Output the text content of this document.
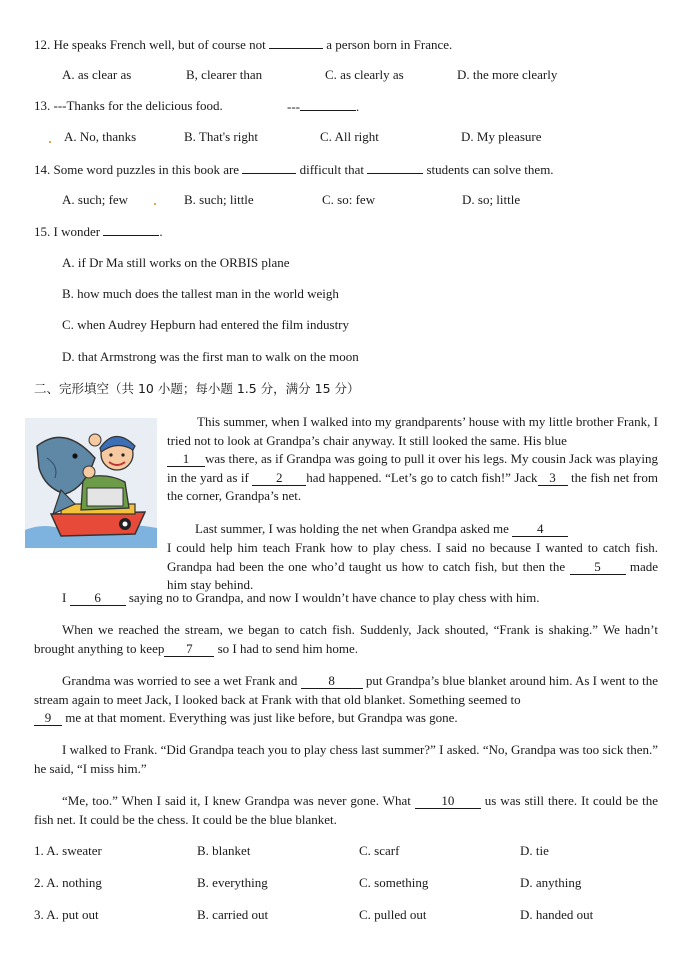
12. He speaks French well, but of course not	a person born in France.
A. as clear as	B, clearer than	C. as clearly as	D. the more clearly
13. ---Thanks for the delicious food.	---	.
A. No, thanks	B. That's right	C. All right	D. My pleasure
14. Some word puzzles in this book are	difficult that	students can solve them.
A. such; few	B. such; little	C. so: few	D. so; little
15. I wonder	.
A. if Dr Ma still works on the ORBIS plane
B. how much does the tallest man in the world weigh
C. when Audrey Hepburn had entered the film industry
D. that Armstrong was the first man to walk on the moon
二、完形填空（共 10 小题；每小题 1.5 分，满分 15 分）

This summer, when I walked into my grandparents’ house with my little brother Frank, I tried not to look at Grandpa’s chair anyway. It still looked the same. His blue
1 was there, as if Grandpa was going to pull it over his legs. My cousin Jack was playing in the yard as if 2 had happened. “Let’s go to catch fish!” Jack 3 the fish net from the corner, Grandpa’s net.

Last summer, I was holding the net when Grandpa asked me 4

I could help him teach Frank how to play chess. I said no because I wanted to catch fish. Grandpa had been the one who’d taught us how to catch fish, but then the 5 made him stay behind.

I 6 saying no to Grandpa, and now I wouldn’t have chance to play chess with him.

When we reached the stream, we began to catch fish. Suddenly, Jack shouted, “Frank is shaking.” We hadn’t brought anything to keep 7 so I had to send him home.

Grandma was worried to see a wet Frank and 8 put Grandpa’s blue blanket around him. As I went to the stream again to meet Jack, I looked back at Frank with that old blanket. Something seemed to
9 me at that moment. Everything was just like before, but Grandpa was gone.

I walked to Frank. “Did Grandpa teach you to play chess last summer?” I asked. “No, Grandpa was too sick then.” he said, “I miss him.”

“Me, too.” When I said it, I knew Grandpa was never gone. What 10 us was still there. It could be the fish net. It could be the chess. It could be the blue blanket.

1. A. sweater	B. blanket	C. scarf	D. tie
2. A. nothing	B. everything	C. something	D. anything
3. A. put out	B. carried out	C. pulled out	D. handed out
